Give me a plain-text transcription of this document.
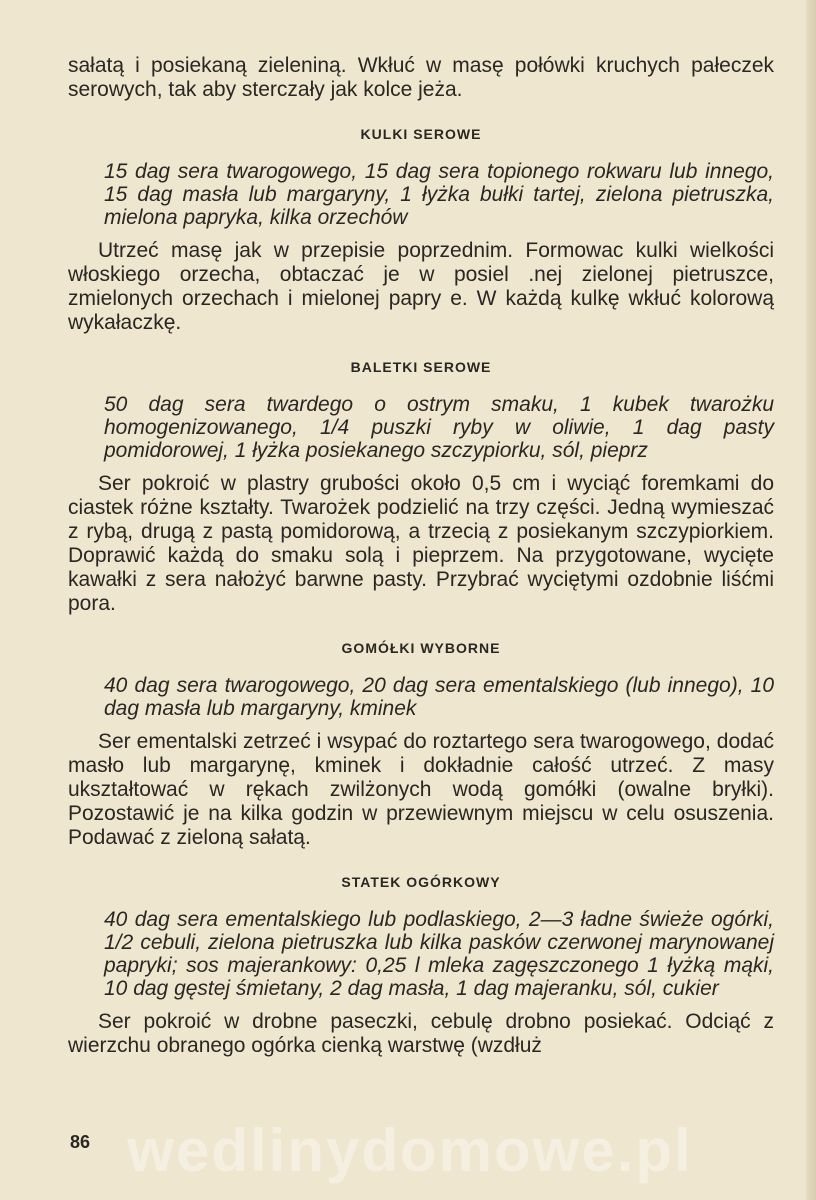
sałatą i posiekaną zieleniną. Wkłuć w masę połówki kruchych pałeczek serowych, tak aby sterczały jak kolce jeża.

KULKI SEROWE

15 dag sera twarogowego, 15 dag sera topionego rokwaru lub innego, 15 dag masła lub margaryny, 1 łyżka bułki tartej, zielona pietruszka, mielona papryka, kilka orzechów

Utrzeć masę jak w przepisie poprzednim. Formowac kulki wielkości włoskiego orzecha, obtaczać je w posiel .nej zielonej pietruszce, zmielonych orzechach i mielonej papry e. W każdą kulkę wkłuć kolorową wykałaczkę.

BALETKI SEROWE

50 dag sera twardego o ostrym smaku, 1 kubek twarożku homogenizowanego, 1/4 puszki ryby w oliwie, 1 dag pasty pomidorowej, 1 łyżka posiekanego szczypiorku, sól, pieprz

Ser pokroić w plastry grubości około 0,5 cm i wyciąć foremkami do ciastek różne kształty. Twarożek podzielić na trzy części. Jedną wymieszać z rybą, drugą z pastą pomidorową, a trzecią z posiekanym szczypiorkiem. Doprawić każdą do smaku solą i pieprzem. Na przygotowane, wycięte kawałki z sera nałożyć barwne pasty. Przybrać wyciętymi ozdobnie liśćmi pora.

GOMÓŁKI WYBORNE

40 dag sera twarogowego, 20 dag sera ementalskiego (lub innego), 10 dag masła lub margaryny, kminek

Ser ementalski zetrzeć i wsypać do roztartego sera twarogowego, dodać masło lub margarynę, kminek i dokładnie całość utrzeć. Z masy ukształtować w rękach zwilżonych wodą gomółki (owalne bryłki). Pozostawić je na kilka godzin w przewiewnym miejscu w celu osuszenia. Podawać z zieloną sałatą.

STATEK OGÓRKOWY

40 dag sera ementalskiego lub podlaskiego, 2—3 ładne świeże ogórki, 1/2 cebuli, zielona pietruszka lub kilka pasków czerwonej marynowanej papryki; sos majerankowy: 0,25 l mleka zagęszczonego 1 łyżką mąki, 10 dag gęstej śmietany, 2 dag masła, 1 dag majeranku, sól, cukier

Ser pokroić w drobne paseczki, cebulę drobno posiekać. Odciąć z wierzchu obranego ogórka cienką warstwę (wzdłuż

wedlinydomowe.pl
86
